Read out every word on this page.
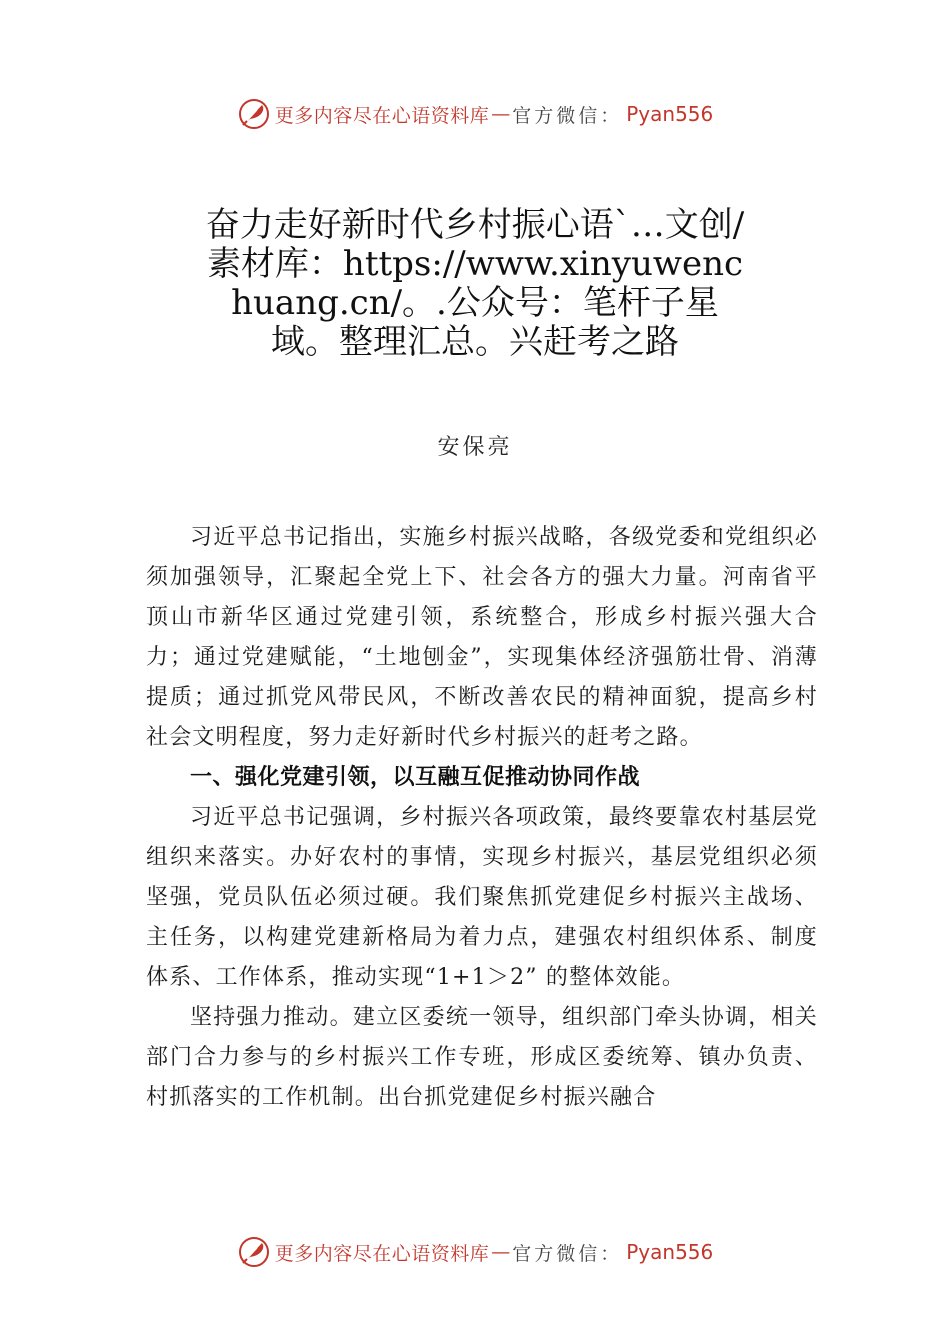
更多内容尽在心语资料库 — 官方微信： Pyan556
奋力走好新时代乡村振心语`…文创/素材库：https://www.xinyuwenchuang.cn/。.公众号：笔杆子星域。整理汇总。兴赶考之路
安保亮

习近平总书记指出，实施乡村振兴战略，各级党委和党组织必须加强领导，汇聚起全党上下、社会各方的强大力量。河南省平顶山市新华区通过党建引领，系统整合，形成乡村振兴强大合力；通过党建赋能，“土地刨金”，实现集体经济强筋壮骨、消薄提质；通过抓党风带民风，不断改善农民的精神面貌，提高乡村社会文明程度，努力走好新时代乡村振兴的赶考之路。

一、强化党建引领，以互融互促推动协同作战

习近平总书记强调，乡村振兴各项政策，最终要靠农村基层党组织来落实。办好农村的事情，实现乡村振兴，基层党组织必须坚强，党员队伍必须过硬。我们聚焦抓党建促乡村振兴主战场、主任务，以构建党建新格局为着力点，建强农村组织体系、制度体系、工作体系，推动实现“1+1＞2” 的整体效能。

坚持强力推动。建立区委统一领导，组织部门牵头协调，相关部门合力参与的乡村振兴工作专班，形成区委统筹、镇办负责、村抓落实的工作机制。出台抓党建促乡村振兴融合

更多内容尽在心语资料库 — 官方微信： Pyan556
